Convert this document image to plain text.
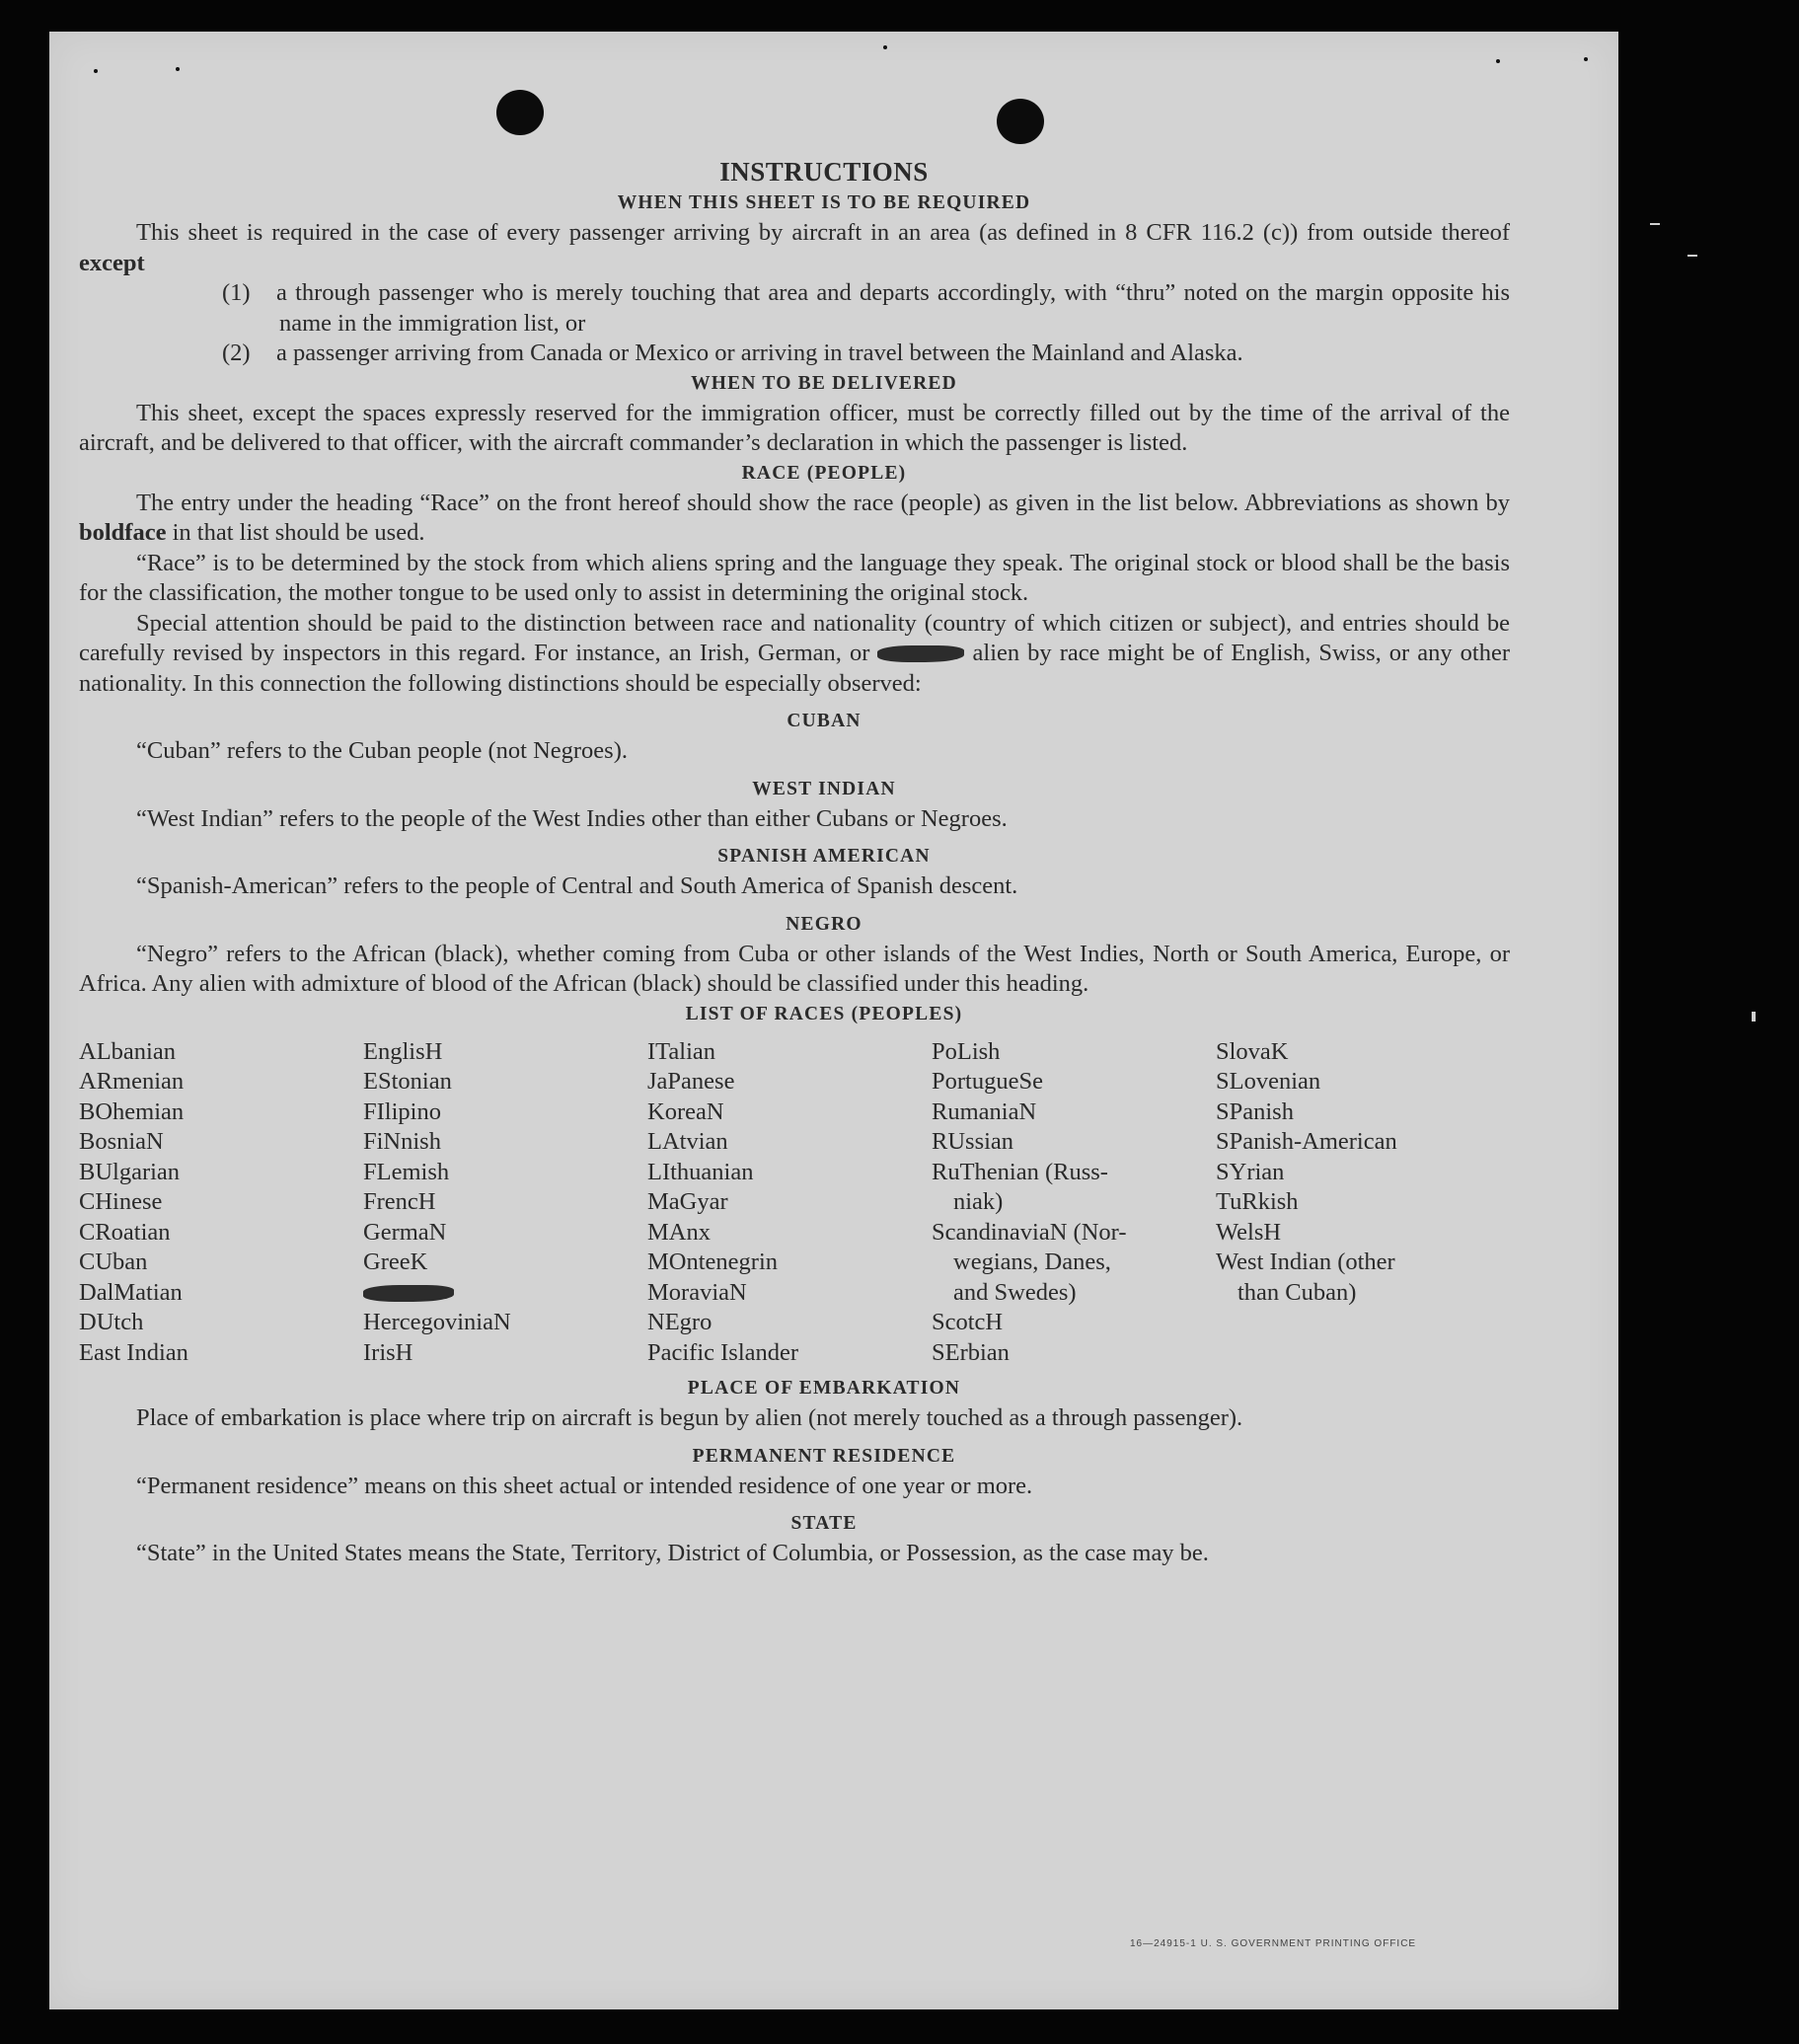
INSTRUCTIONS
WHEN THIS SHEET IS TO BE REQUIRED

This sheet is required in the case of every passenger arriving by aircraft in an area (as defined in 8 CFR 116.2 (c)) from outside thereof except

(1) a through passenger who is merely touching that area and departs accordingly, with “thru” noted on the margin opposite his name in the immigration list, or

(2) a passenger arriving from Canada or Mexico or arriving in travel between the Mainland and Alaska.

WHEN TO BE DELIVERED

This sheet, except the spaces expressly reserved for the immigration officer, must be correctly filled out by the time of the arrival of the aircraft, and be delivered to that officer, with the aircraft commander’s declaration in which the passenger is listed.

RACE (PEOPLE)

The entry under the heading “Race” on the front hereof should show the race (people) as given in the list below. Abbreviations as shown by boldface in that list should be used.

“Race” is to be determined by the stock from which aliens spring and the language they speak. The original stock or blood shall be the basis for the classification, the mother tongue to be used only to assist in determining the original stock.

Special attention should be paid to the distinction between race and nationality (country of which citizen or subject), and entries should be carefully revised by inspectors in this regard. For instance, an Irish, German, or	alien by race might be of English, Swiss, or any other nationality. In this connection the following distinctions should be especially observed:

CUBAN

“Cuban” refers to the Cuban people (not Negroes).

WEST INDIAN

“West Indian” refers to the people of the West Indies other than either Cubans or Negroes.

SPANISH AMERICAN

“Spanish-American” refers to the people of Central and South America of Spanish descent.

NEGRO

“Negro” refers to the African (black), whether coming from Cuba or other islands of the West Indies, North or South America, Europe, or Africa. Any alien with admixture of blood of the African (black) should be classified under this heading.

LIST OF RACES (PEOPLES)
ALbanian
ARmenian
BOhemian
BosniaN
BUlgarian
CHinese
CRoatian
CUban
DalMatian
DUtch
East Indian
EnglisH
EStonian
FIlipino
FiNnish
FLemish
FrencH
GermaN
GreeK
HercegoviniaN
IrisH
ITalian
JaPanese
KoreaN
LAtvian
LIthuanian
MaGyar
MAnx
MOntenegrin
MoraviaN
NEgro
Pacific Islander
PoLish
PortugueSe
RumaniaN
RUssian
RuThenian (Russ-
niak)
ScandinaviaN (Nor-
wegians, Danes,
and Swedes)
ScotcH
SErbian
SlovaK
SLovenian
SPanish
SPanish-American
SYrian
TuRkish
WelsH
West Indian (other
than Cuban)
PLACE OF EMBARKATION

Place of embarkation is place where trip on aircraft is begun by alien (not merely touched as a through passenger).

PERMANENT RESIDENCE

“Permanent residence” means on this sheet actual or intended residence of one year or more.

STATE

“State” in the United States means the State, Territory, District of Columbia, or Possession, as the case may be.

16—24915-1 U. S. GOVERNMENT PRINTING OFFICE
